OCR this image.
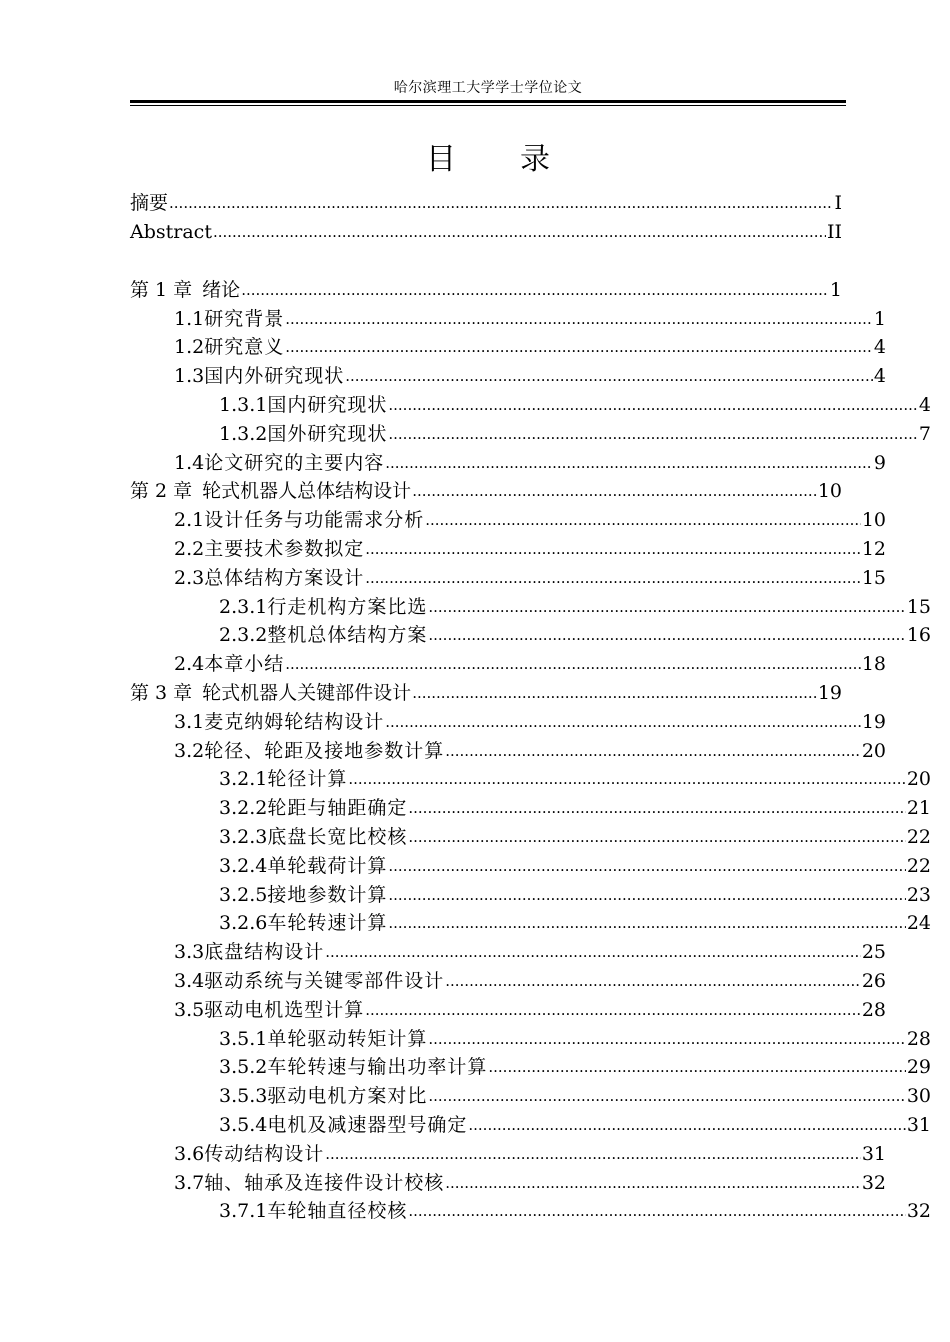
哈尔滨理工大学学士学位论文
目 录
摘要 .....	I
Abstract .....	II
第 1 章 绪论 .....	1
1.1 研究背景 .....	1
1.2 研究意义 .....	4
1.3 国内外研究现状 .....	4
1.3.1 国内研究现状 .....	4
1.3.2 国外研究现状 .....	7
1.4 论文研究的主要内容 .....	9
第 2 章 轮式机器人总体结构设计 .....	10
2.1 设计任务与功能需求分析 .....	10
2.2 主要技术参数拟定 .....	12
2.3 总体结构方案设计 .....	15
2.3.1 行走机构方案比选 .....	15
2.3.2 整机总体结构方案 .....	16
2.4 本章小结 .....	18
第 3 章 轮式机器人关键部件设计 .....	19
3.1 麦克纳姆轮结构设计 .....	19
3.2 轮径、轮距及接地参数计算 .....	20
3.2.1 轮径计算 .....	20
3.2.2 轮距与轴距确定 .....	21
3.2.3 底盘长宽比校核 .....	22
3.2.4 单轮载荷计算 .....	22
3.2.5 接地参数计算 .....	23
3.2.6 车轮转速计算 .....	24
3.3 底盘结构设计 .....	25
3.4 驱动系统与关键零部件设计 .....	26
3.5 驱动电机选型计算 .....	28
3.5.1 单轮驱动转矩计算 .....	28
3.5.2 车轮转速与输出功率计算 .....	29
3.5.3 驱动电机方案对比 .....	30
3.5.4 电机及减速器型号确定 .....	31
3.6 传动结构设计 .....	31
3.7 轴、轴承及连接件设计校核 .....	32
3.7.1 车轮轴直径校核 .....	32
